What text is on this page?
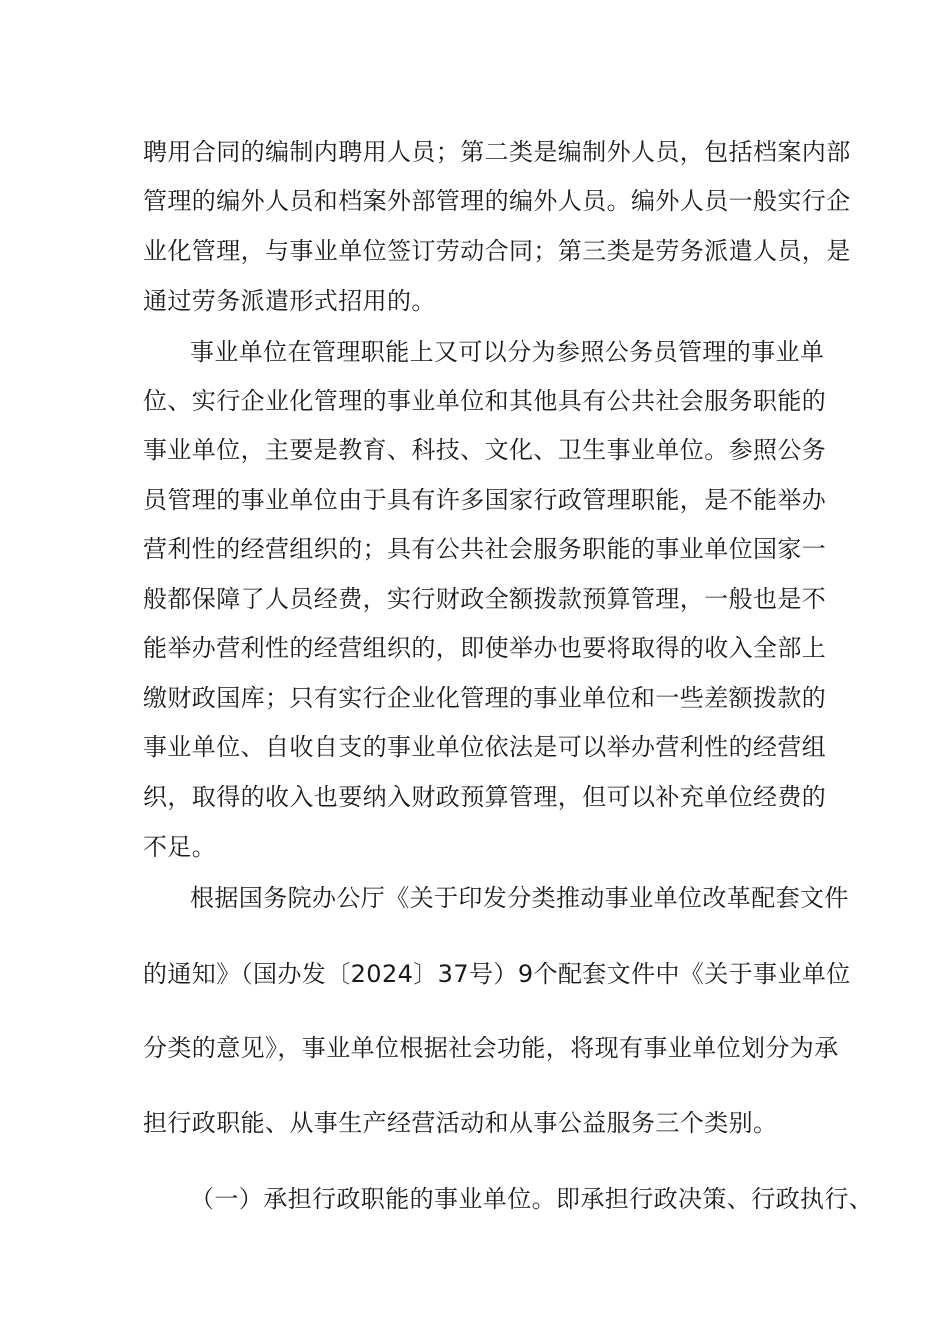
聘用合同的编制内聘用人员；第二类是编制外人员，包括档案内部
管理的编外人员和档案外部管理的编外人员。编外人员一般实行企
业化管理，与事业单位签订劳动合同；第三类是劳务派遣人员，是
通过劳务派遣形式招用的。
事业单位在管理职能上又可以分为参照公务员管理的事业单
位、实行企业化管理的事业单位和其他具有公共社会服务职能的
事业单位，主要是教育、科技、文化、卫生事业单位。参照公务
员管理的事业单位由于具有许多国家行政管理职能，是不能举办
营利性的经营组织的；具有公共社会服务职能的事业单位国家一
般都保障了人员经费，实行财政全额拨款预算管理，一般也是不
能举办营利性的经营组织的，即使举办也要将取得的收入全部上
缴财政国库；只有实行企业化管理的事业单位和一些差额拨款的
事业单位、自收自支的事业单位依法是可以举办营利性的经营组
织，取得的收入也要纳入财政预算管理，但可以补充单位经费的
不足。
根据国务院办公厅《关于印发分类推动事业单位改革配套文件
的通知》（国办发〔2024〕37号）9个配套文件中《关于事业单位
分类的意见》，事业单位根据社会功能，将现有事业单位划分为承
担行政职能、从事生产经营活动和从事公益服务三个类别。
（一）承担行政职能的事业单位。即承担行政决策、行政执行、
